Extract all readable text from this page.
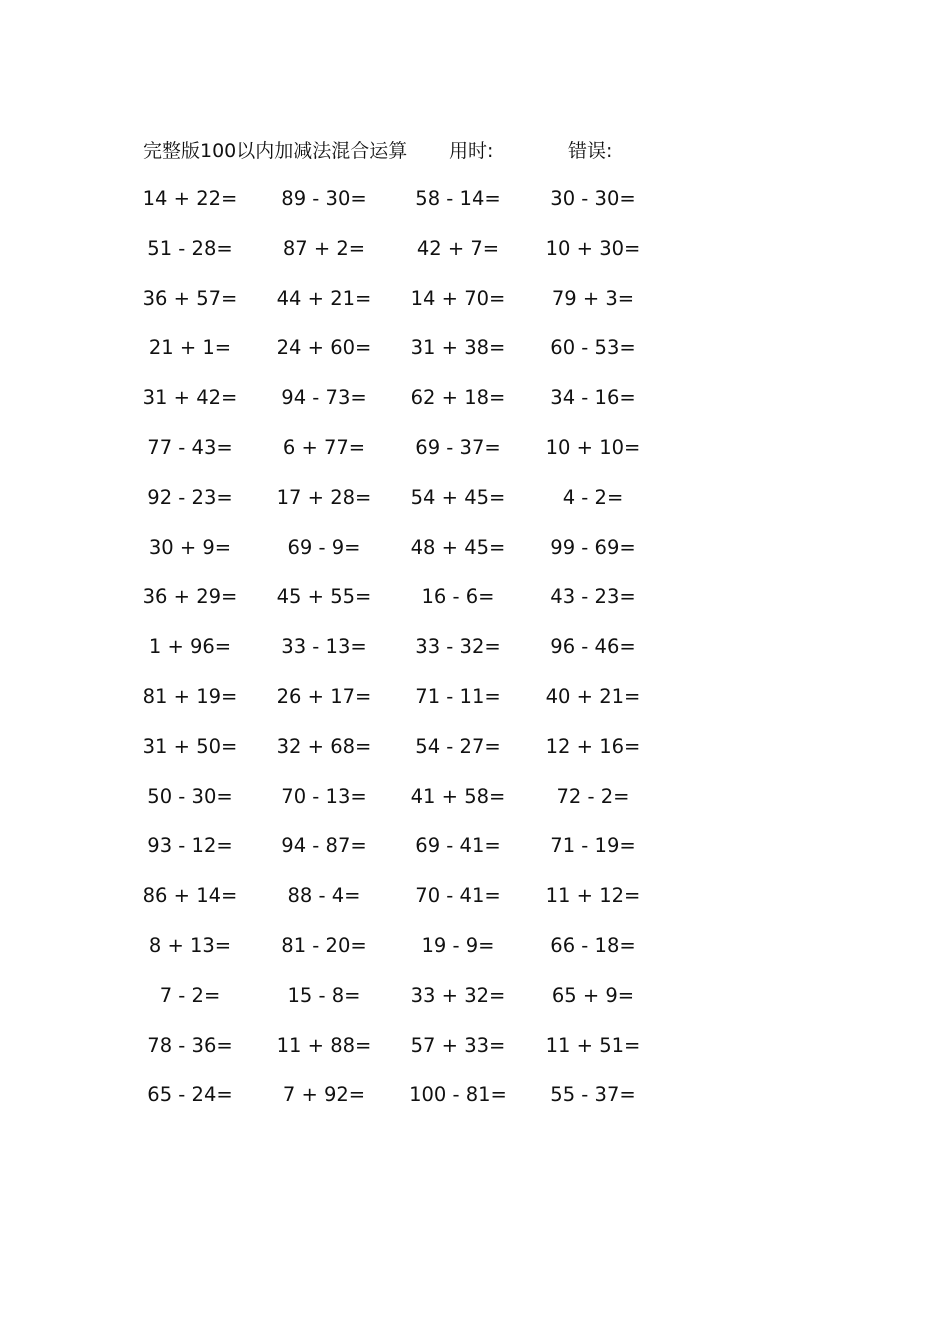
完整版100以内加减法混合运算 用时:	错误:
14 + 22=	89 - 30=	58 - 14=	30 - 30=
51 - 28=	87 + 2=	42 + 7=	10 + 30=
36 + 57=	44 + 21=	14 + 70=	79 + 3=
21 + 1=	24 + 60=	31 + 38=	60 - 53=
31 + 42=	94 - 73=	62 + 18=	34 - 16=
77 - 43=	6 + 77=	69 - 37=	10 + 10=
92 - 23=	17 + 28=	54 + 45=	4 - 2=
30 + 9=	69 - 9=	48 + 45=	99 - 69=
36 + 29=	45 + 55=	16 - 6=	43 - 23=
1 + 96=	33 - 13=	33 - 32=	96 - 46=
81 + 19=	26 + 17=	71 - 11=	40 + 21=
31 + 50=	32 + 68=	54 - 27=	12 + 16=
50 - 30=	70 - 13=	41 + 58=	72 - 2=
93 - 12=	94 - 87=	69 - 41=	71 - 19=
86 + 14=	88 - 4=	70 - 41=	11 + 12=
8 + 13=	81 - 20=	19 - 9=	66 - 18=
7 - 2=	15 - 8=	33 + 32=	65 + 9=
78 - 36=	11 + 88=	57 + 33=	11 + 51=
65 - 24=	7 + 92=	100 - 81=	55 - 37=
